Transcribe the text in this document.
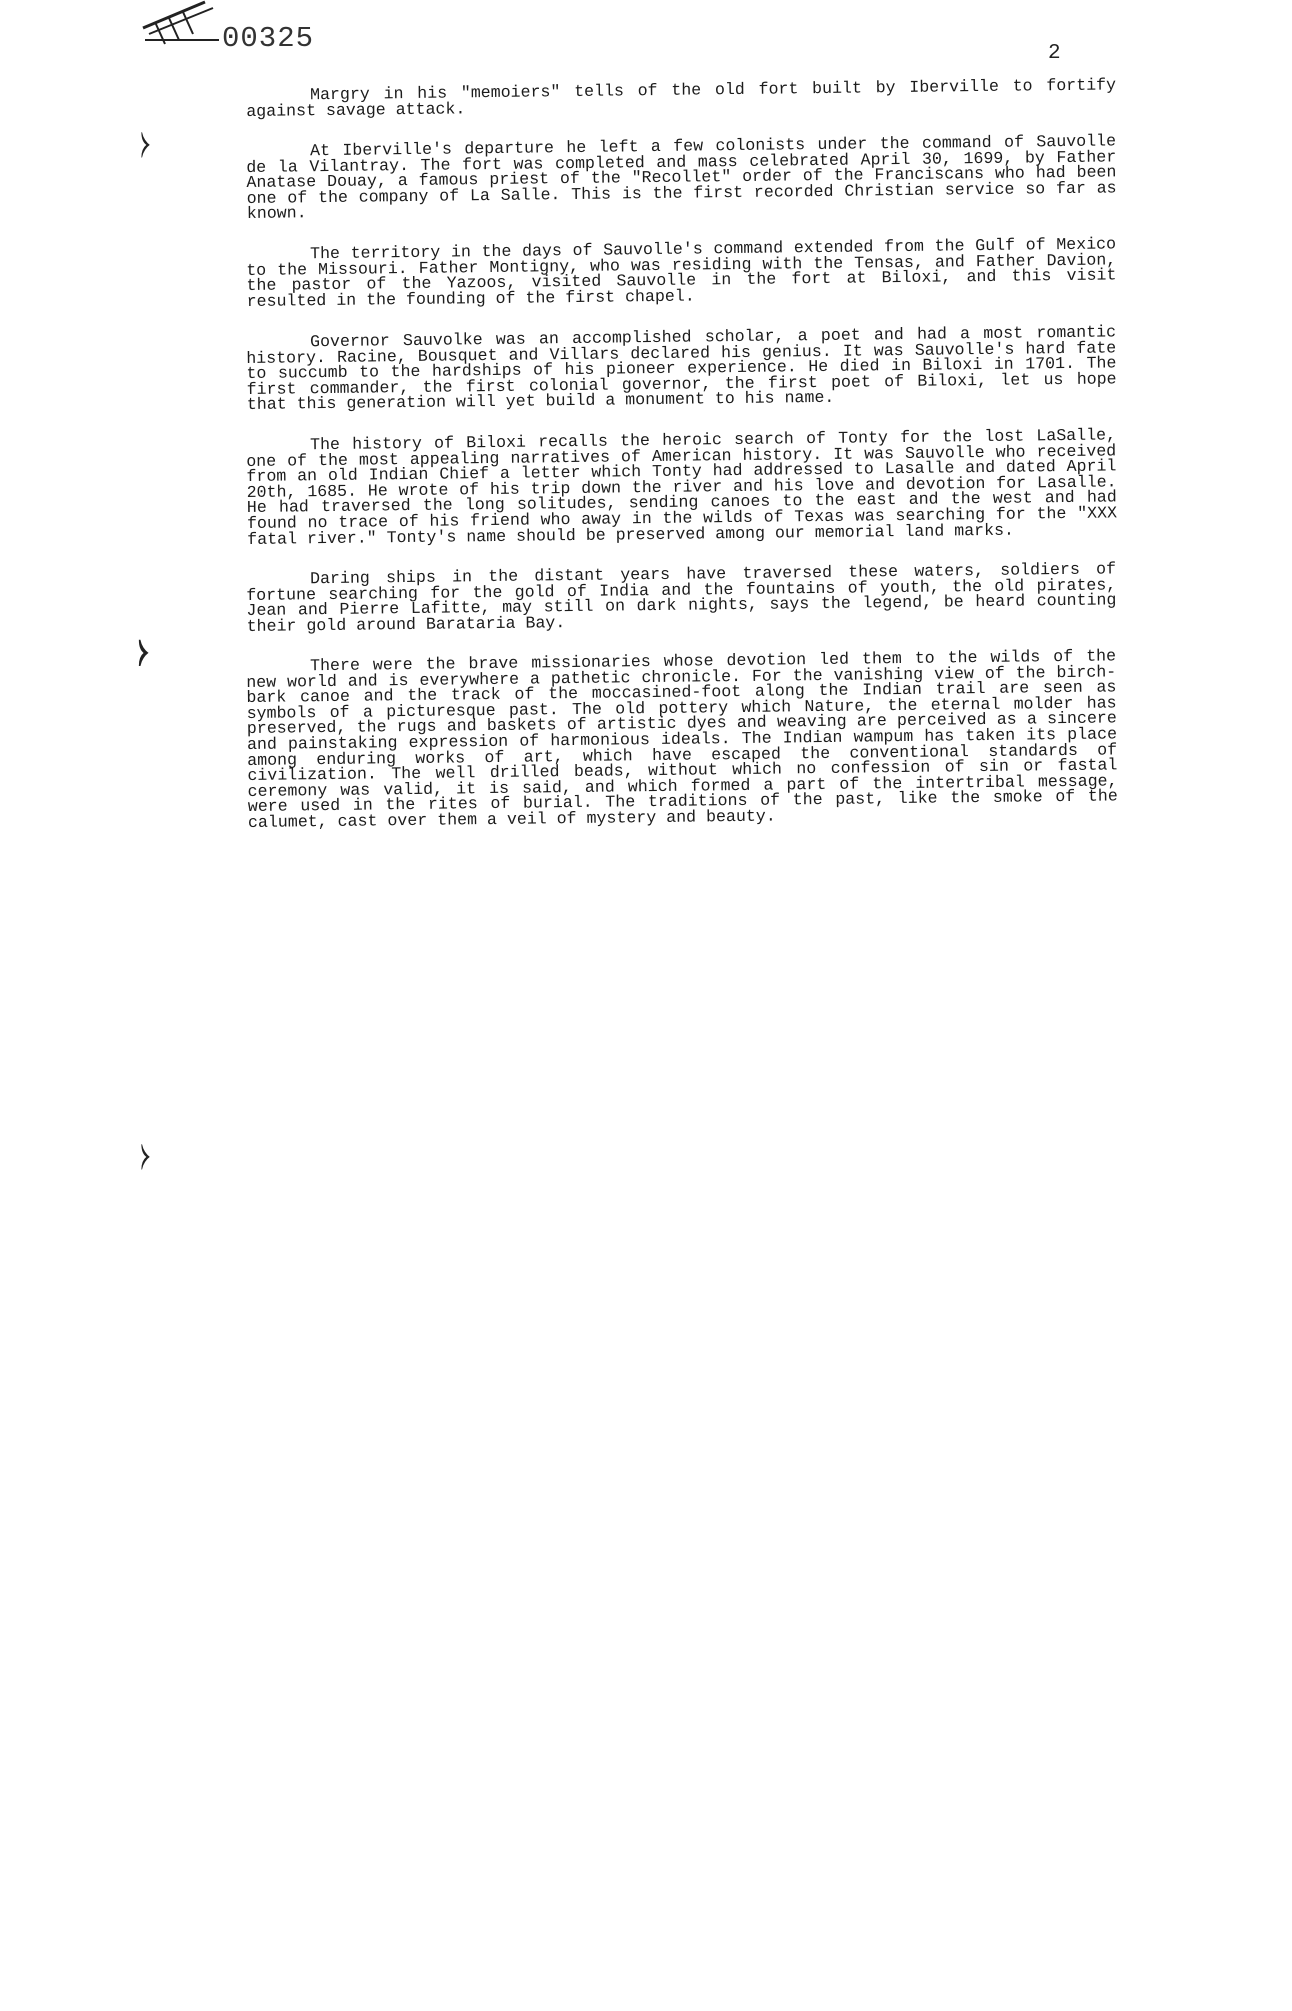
00325	2
⧽
⧽
⧽

Margry in his "memoiers" tells of the old fort built by Iberville to fortify against savage attack.

At Iberville's departure he left a few colonists under the command of Sauvolle de la Vilantray. The fort was completed and mass celebrated April 30, 1699, by Father Anatase Douay, a famous priest of the "Recollet" order of the Franciscans who had been one of the company of La Salle. This is the first recorded Christian service so far as known.

The territory in the days of Sauvolle's command extended from the Gulf of Mexico to the Missouri. Father Montigny, who was residing with the Tensas, and Father Davion, the pastor of the Yazoos, visited Sauvolle in the fort at Biloxi, and this visit resulted in the founding of the first chapel.

Governor Sauvolke was an accomplished scholar, a poet and had a most romantic history. Racine, Bousquet and Villars declared his genius. It was Sauvolle's hard fate to succumb to the hardships of his pioneer experience. He died in Biloxi in 1701. The first commander, the first colonial governor, the first poet of Biloxi, let us hope that this generation will yet build a monument to his name.

The history of Biloxi recalls the heroic search of Tonty for the lost LaSalle, one of the most appealing narratives of American history. It was Sauvolle who received from an old Indian Chief a letter which Tonty had addressed to Lasalle and dated April 20th, 1685. He wrote of his trip down the river and his love and devotion for Lasalle. He had traversed the long solitudes, sending canoes to the east and the west and had found no trace of his friend who away in the wilds of Texas was searching for the "XXX fatal river." Tonty's name should be preserved among our memorial land marks.

Daring ships in the distant years have traversed these waters, soldiers of fortune searching for the gold of India and the fountains of youth, the old pirates, Jean and Pierre Lafitte, may still on dark nights, says the legend, be heard counting their gold around Barataria Bay.

There were the brave missionaries whose devotion led them to the wilds of the new world and is everywhere a pathetic chronicle. For the vanishing view of the birch-bark canoe and the track of the moccasined-foot along the Indian trail are seen as symbols of a picturesque past. The old pottery which Nature, the eternal molder has preserved, the rugs and baskets of artistic dyes and weaving are perceived as a sincere and painstaking expression of harmonious ideals. The Indian wampum has taken its place among enduring works of art, which have escaped the conventional standards of civilization. The well drilled beads, without which no confession of sin or fastal ceremony was valid, it is said, and which formed a part of the intertribal message, were used in the rites of burial. The traditions of the past, like the smoke of the calumet, cast over them a veil of mystery and beauty.
